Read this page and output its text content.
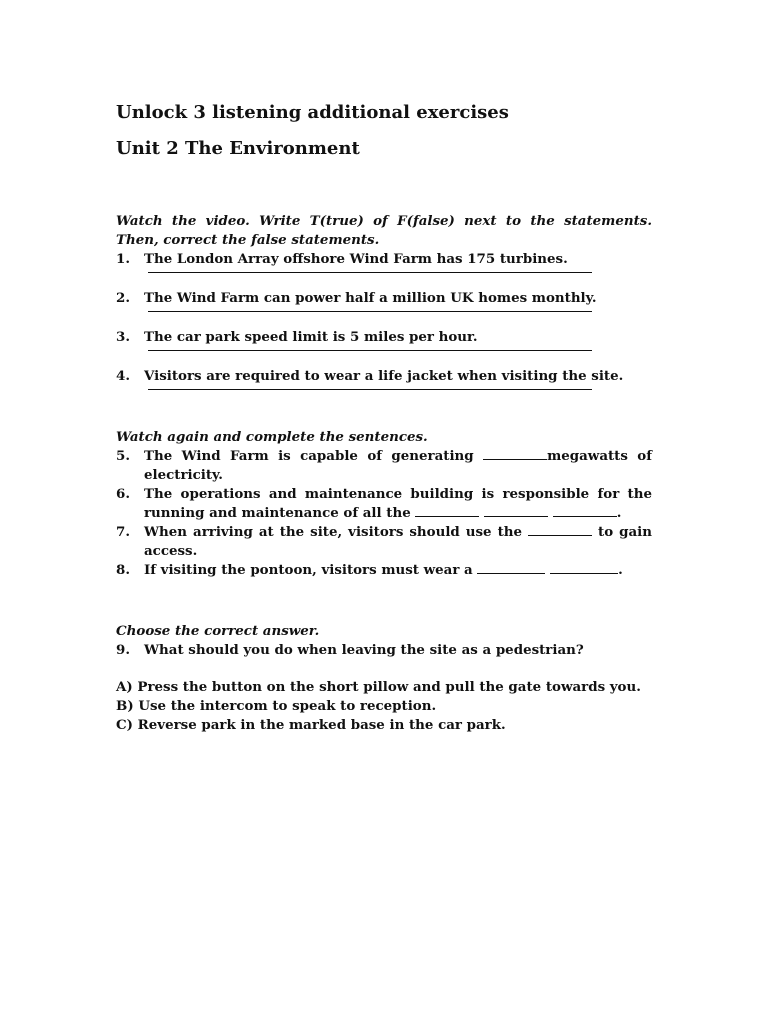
Unlock 3 listening additional exercises
Unit 2 The Environment

Watch the video. Write T(true) of F(false) next to the statements. Then, correct the false statements.

1. The London Array offshore Wind Farm has 175 turbines.
2. The Wind Farm can power half a million UK homes monthly.
3. The car park speed limit is 5 miles per hour.
4. Visitors are required to wear a life jacket when visiting the site.

Watch again and complete the sentences.

5. The Wind Farm is capable of generating	megawatts of electricity.
6. The operations and maintenance building is responsible for the running and maintenance of all the	.
7. When arriving at the site, visitors should use the	to gain access.
8. If visiting the pontoon, visitors must wear a	.

Choose the correct answer.

9. What should you do when leaving the site as a pedestrian?

A) Press the button on the short pillow and pull the gate towards you.

B) Use the intercom to speak to reception.

C) Reverse park in the marked base in the car park.
